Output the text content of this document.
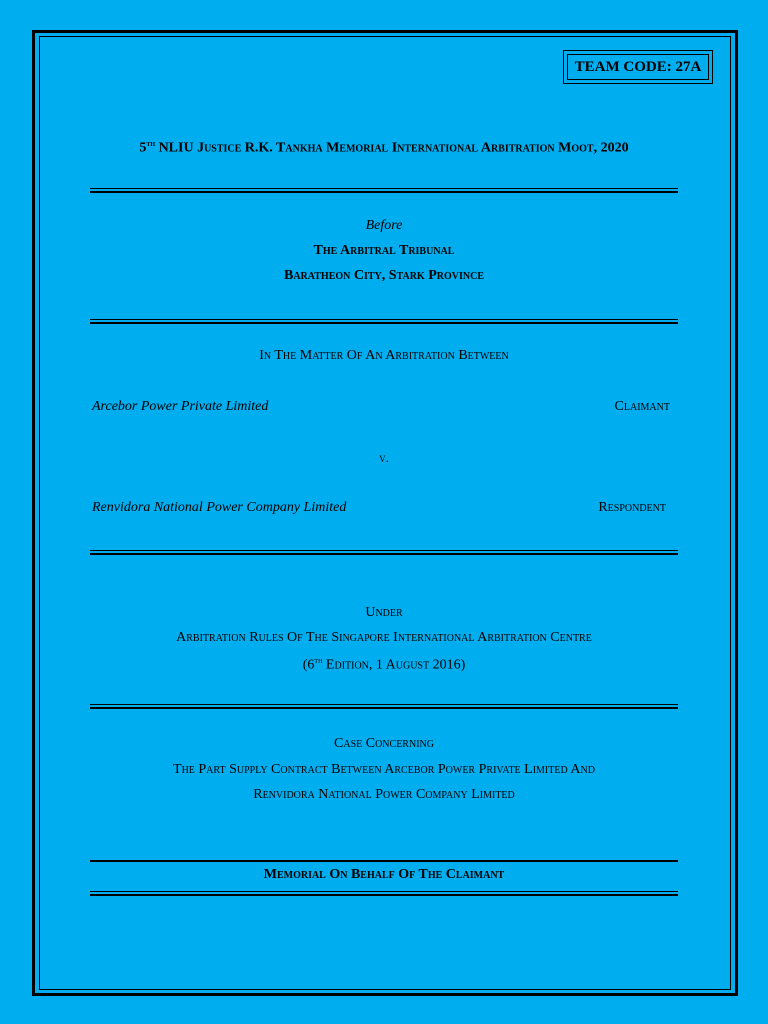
TEAM CODE: 27A
5th NLIU Justice R.K. Tankha Memorial International Arbitration Moot, 2020
Before
The Arbitral Tribunal
Baratheon City, Stark Province
In The Matter Of An Arbitration Between
Arcebor Power Private Limited	Claimant
v.
Renvidora National Power Company Limited	Respondent
Under
Arbitration Rules Of The Singapore International Arbitration Centre
(6th Edition, 1 August 2016)
Case Concerning
The Part Supply Contract Between Arcebor Power Private Limited And
Renvidora National Power Company Limited
Memorial On Behalf Of The Claimant
